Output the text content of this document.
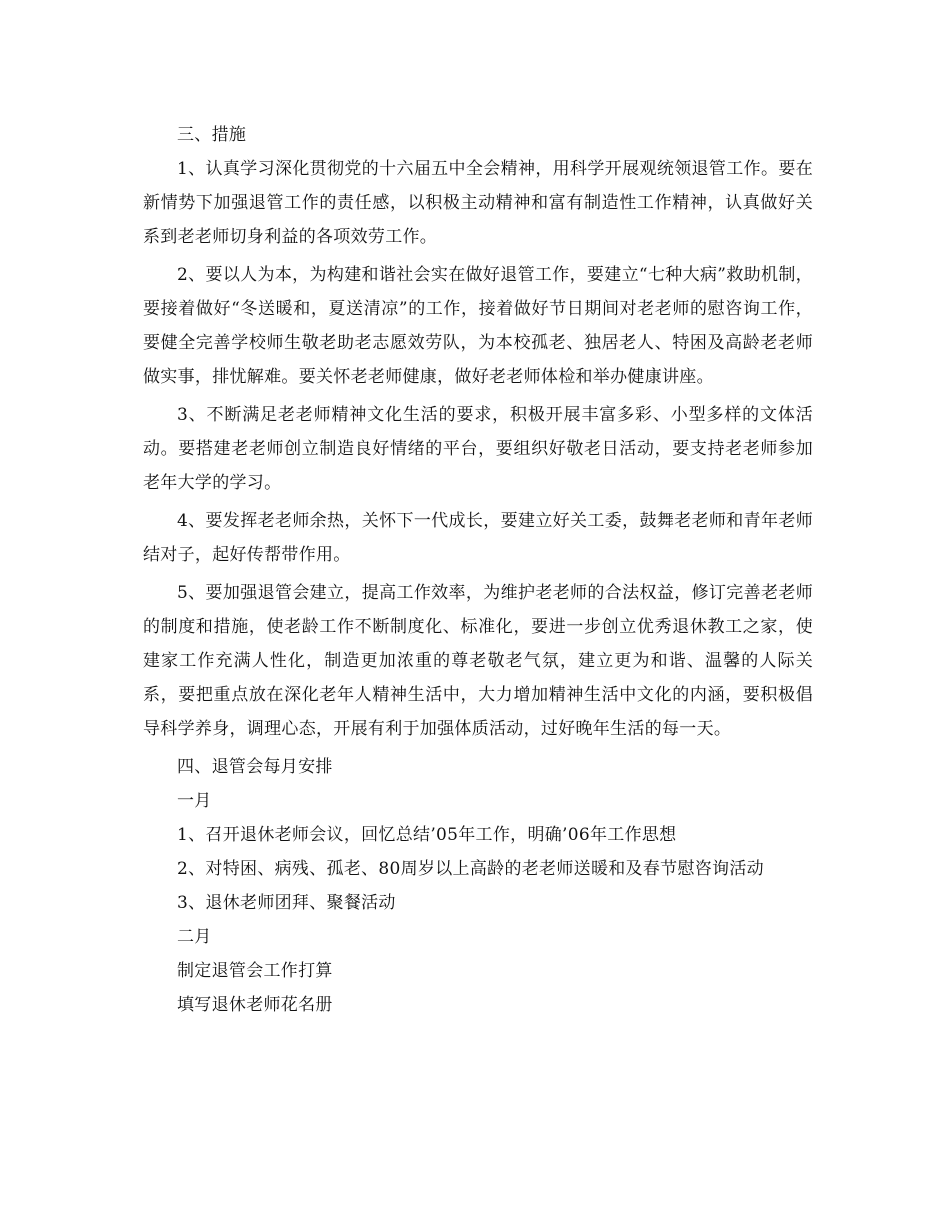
三、措施

1、认真学习深化贯彻党的十六届五中全会精神，用科学开展观统领退管工作。要在新情势下加强退管工作的责任感，以积极主动精神和富有制造性工作精神，认真做好关系到老老师切身利益的各项效劳工作。

2、要以人为本，为构建和谐社会实在做好退管工作，要建立“七种大病”救助机制，要接着做好“冬送暖和，夏送清凉”的工作，接着做好节日期间对老老师的慰咨询工作，要健全完善学校师生敬老助老志愿效劳队，为本校孤老、独居老人、特困及高龄老老师做实事，排忧解难。要关怀老老师健康，做好老老师体检和举办健康讲座。

3、不断满足老老师精神文化生活的要求，积极开展丰富多彩、小型多样的文体活动。要搭建老老师创立制造良好情绪的平台，要组织好敬老日活动，要支持老老师参加老年大学的学习。

4、要发挥老老师余热，关怀下一代成长，要建立好关工委，鼓舞老老师和青年老师结对子，起好传帮带作用。

5、要加强退管会建立，提高工作效率，为维护老老师的合法权益，修订完善老老师的制度和措施，使老龄工作不断制度化、标准化，要进一步创立优秀退休教工之家，使建家工作充满人性化，制造更加浓重的尊老敬老气氛，建立更为和谐、温馨的人际关系，要把重点放在深化老年人精神生活中，大力增加精神生活中文化的内涵，要积极倡导科学养身，调理心态，开展有利于加强体质活动，过好晚年生活的每一天。

四、退管会每月安排

一月

1、召开退休老师会议，回忆总结’05年工作，明确’06年工作思想

2、对特困、病残、孤老、80周岁以上高龄的老老师送暖和及春节慰咨询活动

3、退休老师团拜、聚餐活动

二月

制定退管会工作打算

填写退休老师花名册
